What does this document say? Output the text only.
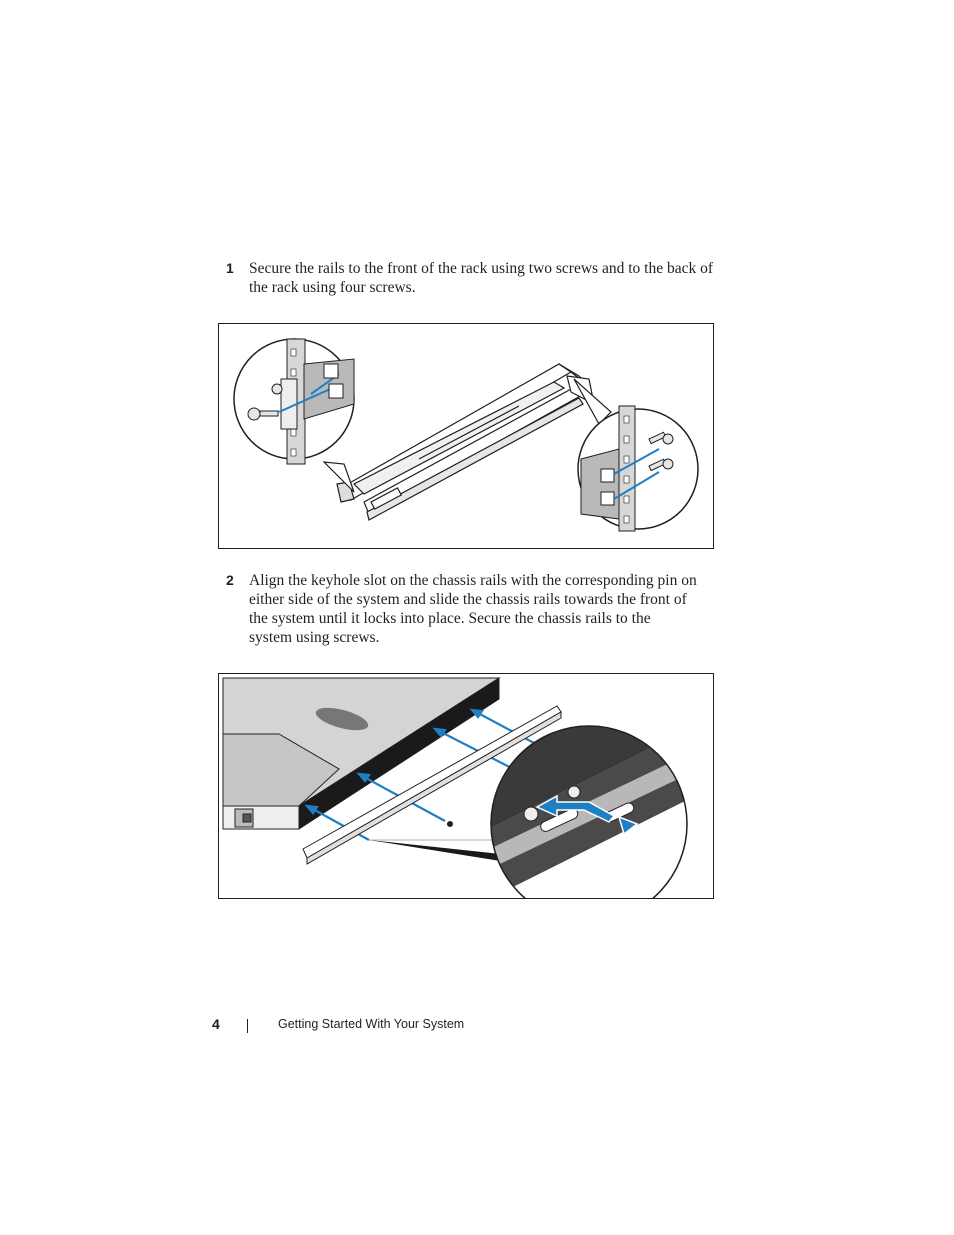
1 Secure the rails to the front of the rack using two screws and to the back of the rack using four screws.
2 Align the keyhole slot on the chassis rails with the corresponding pin on either side of the system and slide the chassis rails towards the front of the system until it locks into place. Secure the chassis rails to the system using screws.
4	Getting Started With Your System
